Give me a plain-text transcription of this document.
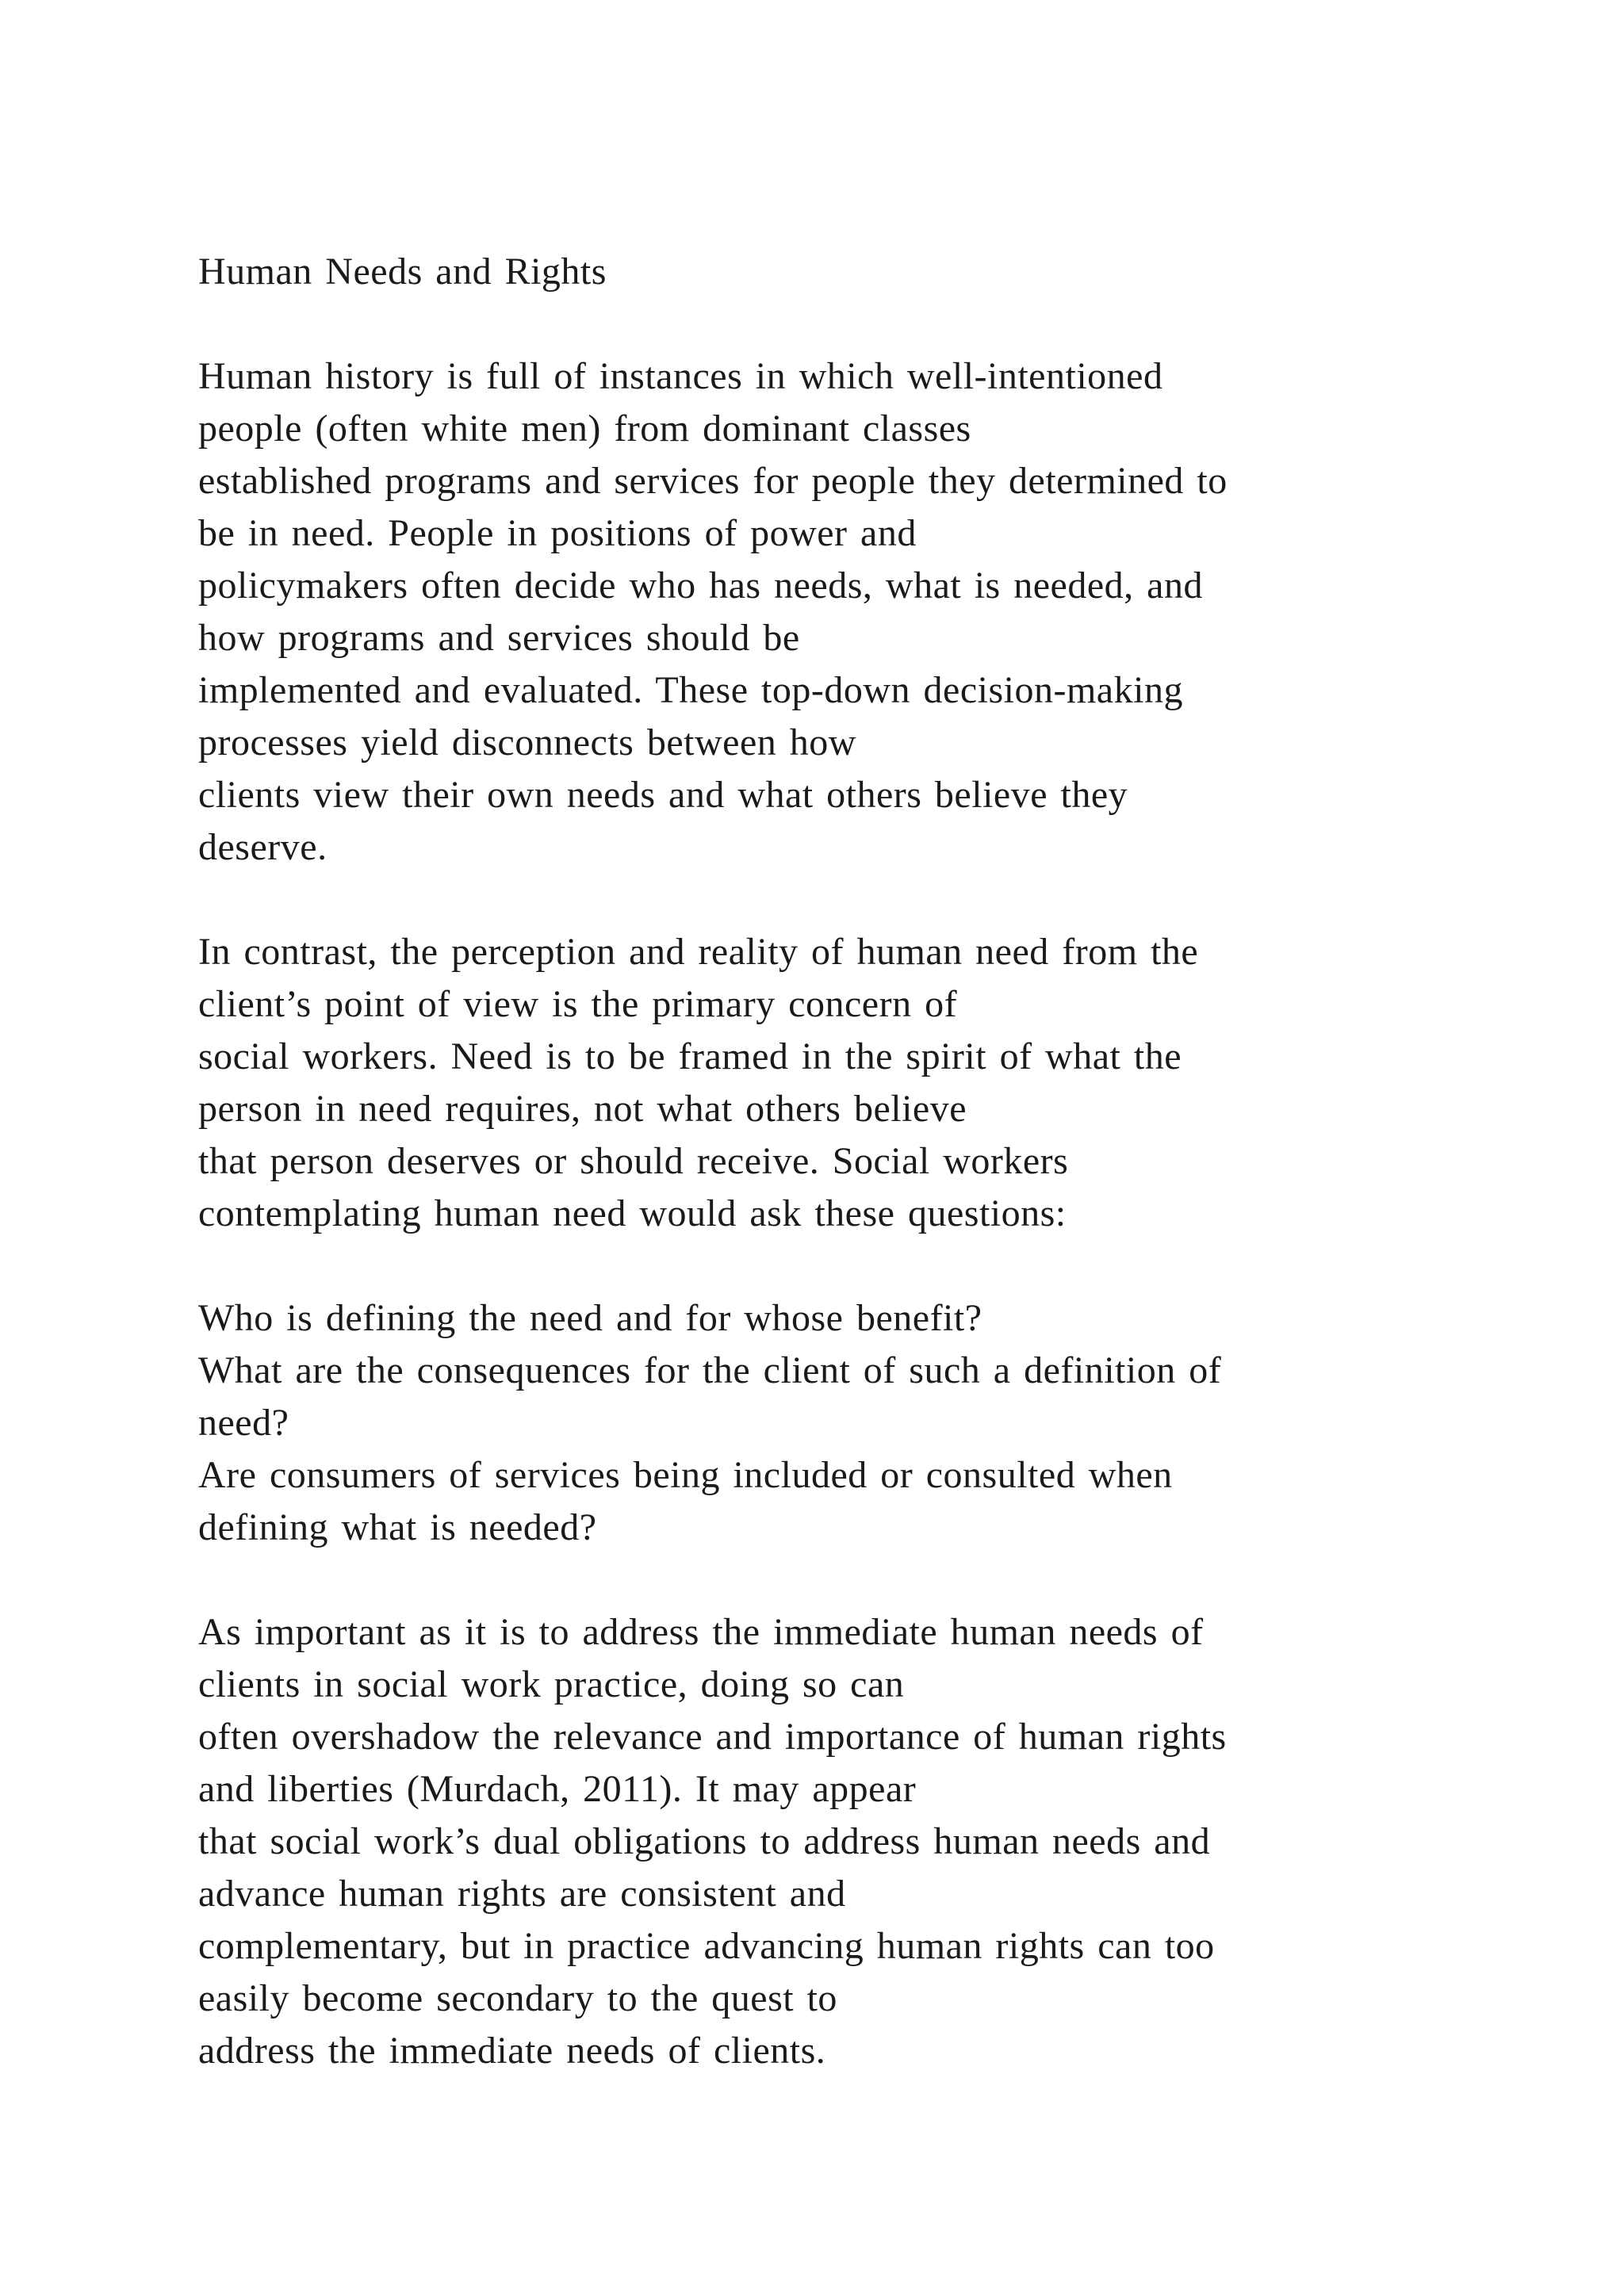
Human Needs and Rights
Human history is full of instances in which well-intentioned
people (often white men) from dominant classes
established programs and services for people they determined to
be in need. People in positions of power and
policymakers often decide who has needs, what is needed, and
how programs and services should be
implemented and evaluated. These top-down decision-making
processes yield disconnects between how
clients view their own needs and what others believe they
deserve.
In contrast, the perception and reality of human need from the
client’s point of view is the primary concern of
social workers. Need is to be framed in the spirit of what the
person in need requires, not what others believe
that person deserves or should receive. Social workers
contemplating human need would ask these questions:
Who is defining the need and for whose benefit?
What are the consequences for the client of such a definition of
need?
Are consumers of services being included or consulted when
defining what is needed?
As important as it is to address the immediate human needs of
clients in social work practice, doing so can
often overshadow the relevance and importance of human rights
and liberties (Murdach, 2011). It may appear
that social work’s dual obligations to address human needs and
advance human rights are consistent and
complementary, but in practice advancing human rights can too
easily become secondary to the quest to
address the immediate needs of clients.
